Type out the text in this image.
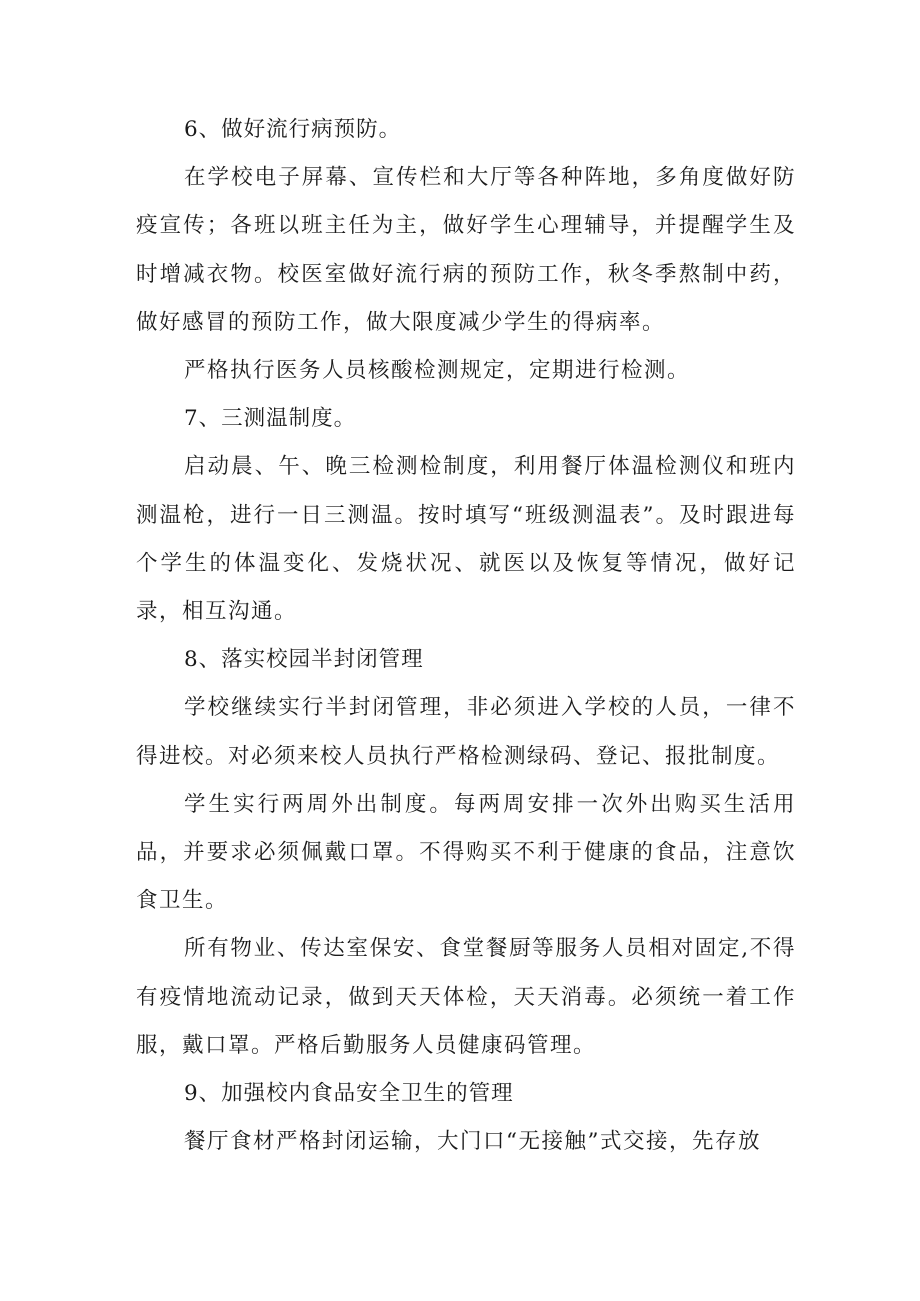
6、做好流行病预防。

在学校电子屏幕、宣传栏和大厅等各种阵地，多角度做好防疫宣传；各班以班主任为主，做好学生心理辅导，并提醒学生及时增减衣物。校医室做好流行病的预防工作，秋冬季熬制中药，做好感冒的预防工作，做大限度减少学生的得病率。

严格执行医务人员核酸检测规定，定期进行检测。

7、三测温制度。

启动晨、午、晚三检测检制度，利用餐厅体温检测仪和班内测温枪，进行一日三测温。按时填写“班级测温表”。及时跟进每个学生的体温变化、发烧状况、就医以及恢复等情况，做好记录，相互沟通。

8、落实校园半封闭管理

学校继续实行半封闭管理，非必须进入学校的人员，一律不得进校。对必须来校人员执行严格检测绿码、登记、报批制度。

学生实行两周外出制度。每两周安排一次外出购买生活用品，并要求必须佩戴口罩。不得购买不利于健康的食品，注意饮食卫生。

所有物业、传达室保安、食堂餐厨等服务人员相对固定,不得有疫情地流动记录，做到天天体检，天天消毒。必须统一着工作服，戴口罩。严格后勤服务人员健康码管理。

9、加强校内食品安全卫生的管理

餐厅食材严格封闭运输，大门口“无接触”式交接，先存放
